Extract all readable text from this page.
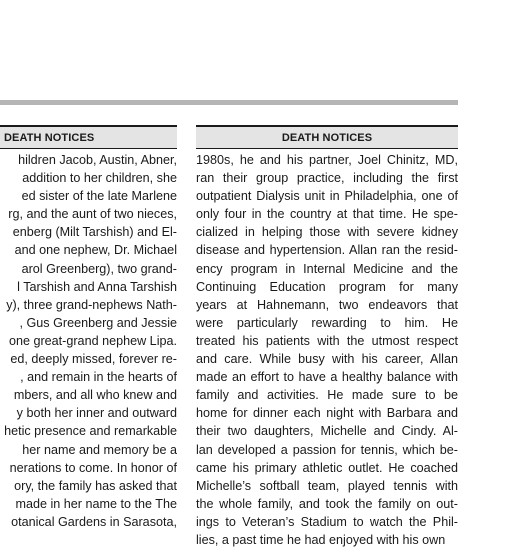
DEATH NOTICES	DEATH NOTICES
hildren Jacob, Austin, Abner,
addition to her children, she
ed sister of the late Marlene
rg, and the aunt of two nieces,
enberg (Milt Tarshish) and El-
and one nephew, Dr. Michael
arol Greenberg), two grand-
l Tarshish and Anna Tarshish
y), three grand-nephews Nath-
, Gus Greenberg and Jessie
one great-grand nephew Lipa.
ed, deeply missed, forever re-
, and remain in the hearts of
mbers, and all who knew and
y both her inner and outward
hetic presence and remarkable
her name and memory be a
nerations to come. In honor of
ory, the family has asked that
made in her name to the The
otanical Gardens in Sarasota,
1980s, he and his partner, Joel Chinitz, MD,
ran their group practice, including the first
outpatient Dialysis unit in Philadelphia, one of
only four in the country at that time. He spe-
cialized in helping those with severe kidney
disease and hypertension. Allan ran the resid-
ency program in Internal Medicine and the
Continuing Education program for many
years at Hahnemann, two endeavors that
were particularly rewarding to him. He
treated his patients with the utmost respect
and care. While busy with his career, Allan
made an effort to have a healthy balance with
family and activities. He made sure to be
home for dinner each night with Barbara and
their two daughters, Michelle and Cindy. Al-
lan developed a passion for tennis, which be-
came his primary athletic outlet. He coached
Michelle’s softball team, played tennis with
the whole family, and took the family on out-
ings to Veteran’s Stadium to watch the Phil-
lies, a past time he had enjoyed with his own
